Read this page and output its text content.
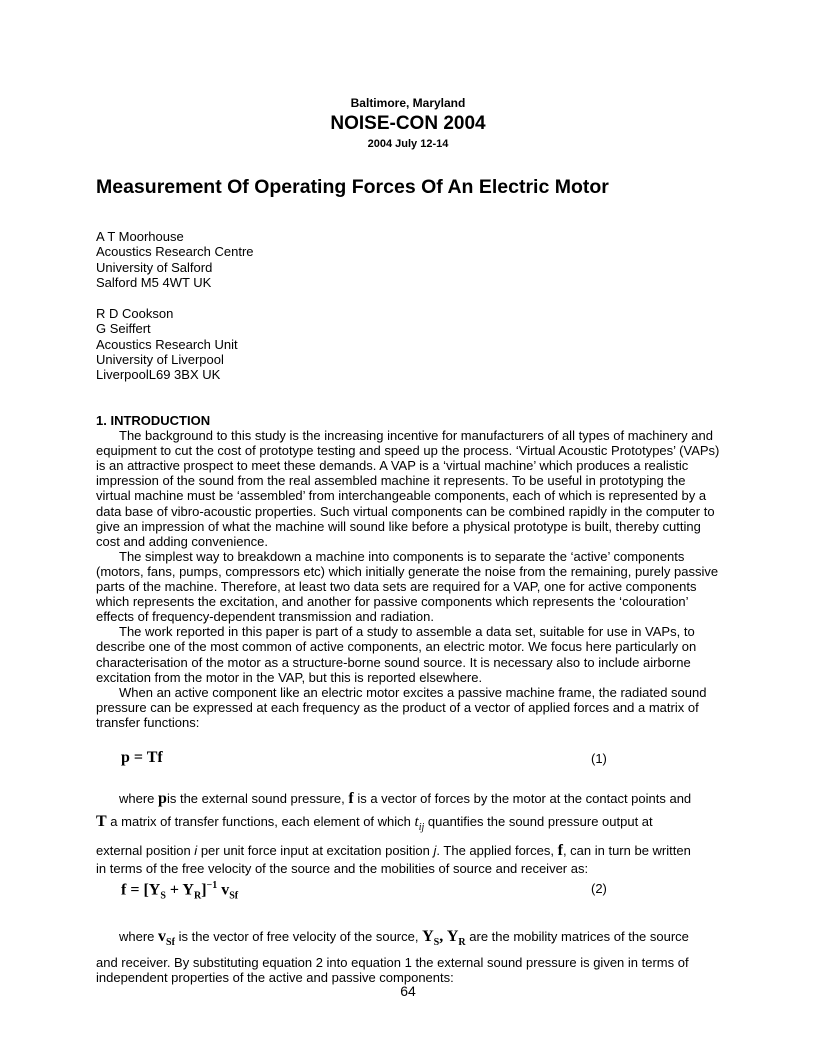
Baltimore, Maryland
NOISE-CON 2004
2004 July 12-14
Measurement Of Operating Forces Of An Electric Motor
A T Moorhouse
Acoustics Research Centre
University of Salford
Salford M5 4WT UK
R D Cookson
G Seiffert
Acoustics Research Unit
University of Liverpool
LiverpoolL69 3BX UK
1. INTRODUCTION
The background to this study is the increasing incentive for manufacturers of all types of machinery and equipment to cut the cost of prototype testing and speed up the process. ‘Virtual Acoustic Prototypes’ (VAPs) is an attractive prospect to meet these demands. A VAP is a ‘virtual machine’ which produces a realistic impression of the sound from the real assembled machine it represents. To be useful in prototyping the virtual machine must be ‘assembled’ from interchangeable components, each of which is represented by a data base of vibro-acoustic properties. Such virtual components can be combined rapidly in the computer to give an impression of what the machine will sound like before a physical prototype is built, thereby cutting cost and adding convenience.
The simplest way to breakdown a machine into components is to separate the ‘active’ components (motors, fans, pumps, compressors etc) which initially generate the noise from the remaining, purely passive parts of the machine. Therefore, at least two data sets are required for a VAP, one for active components which represents the excitation, and another for passive components which represents the ‘colouration’ effects of frequency-dependent transmission and radiation.
The work reported in this paper is part of a study to assemble a data set, suitable for use in VAPs, to describe one of the most common of active components, an electric motor. We focus here particularly on characterisation of the motor as a structure-borne sound source. It is necessary also to include airborne excitation from the motor in the VAP, but this is reported elsewhere.
When an active component like an electric motor excites a passive machine frame, the radiated sound pressure can be expressed at each frequency as the product of a vector of applied forces and a matrix of transfer functions:
p = Tf	(1)
where pis the external sound pressure, f is a vector of forces by the motor at the contact points and
T a matrix of transfer functions, each element of which $t_{ij}$ quantifies the sound pressure output at
external position i per unit force input at excitation position j. The applied forces, f, can in turn be written
in terms of the free velocity of the source and the mobilities of source and receiver as:
$f = [Y_S + Y_R]^{-1}$ $v_{Sf}$
(2)
where $v_{Sf}$ is the vector of free velocity of the source, $Y_S$, $Y_R$ are the mobility matrices of the source
and receiver. By substituting equation 2 into equation 1 the external sound pressure is given in terms of
independent properties of the active and passive components:
64
